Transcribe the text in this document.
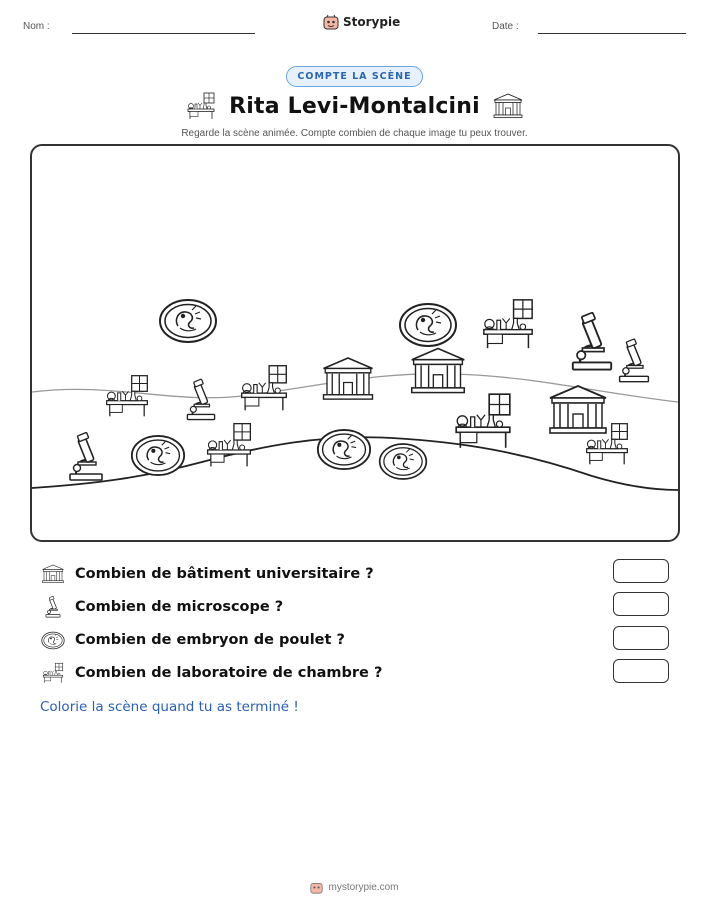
Nom :	Storypie	Date :
COMPTE LA SCÈNE
Rita Levi-Montalcini
Regarde la scène animée. Compte combien de chaque image tu peux trouver.
Combien de bâtiment universitaire ?
Combien de microscope ?
Combien de embryon de poulet ?
Combien de laboratoire de chambre ?
Colorie la scène quand tu as terminé !
mystorypie.com
